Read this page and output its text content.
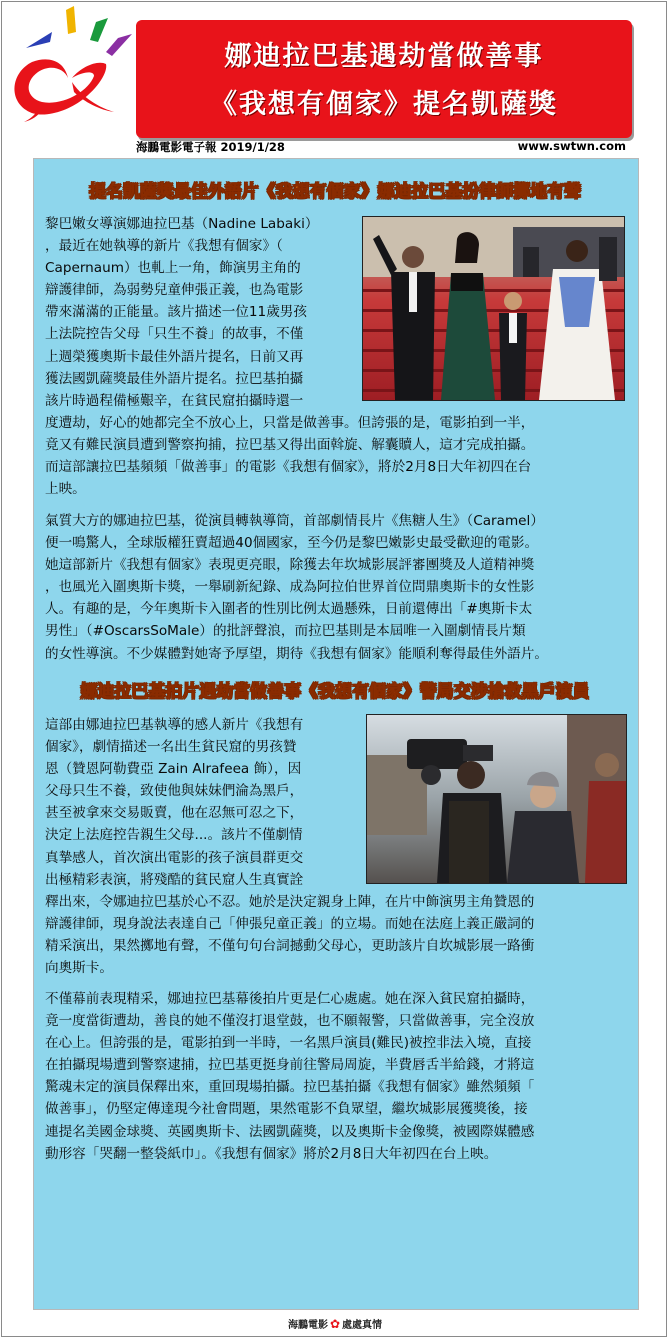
娜迪拉巴基遇劫當做善事
《我想有個家》提名凱薩獎
海鵬電影電子報 2019/1/28	www.swtwn.com
提名凱薩獎最佳外語片《我想有個家》娜迪拉巴基扮律師擲地有聲
黎巴嫩女導演娜迪拉巴基（Nadine Labaki）
，最近在她執導的新片《我想有個家》（
Capernaum）也軋上一角，飾演男主角的
辯護律師，為弱勢兒童伸張正義，也為電影
帶來滿滿的正能量。該片描述一位11歲男孩
上法院控告父母「只生不養」的故事，不僅
上週榮獲奧斯卡最佳外語片提名，日前又再
獲法國凱薩獎最佳外語片提名。拉巴基拍攝
該片時過程備極艱辛，在貧民窟拍攝時還一
度遭劫，好心的她都完全不放心上，只當是做善事。但誇張的是，電影拍到一半，
竟又有難民演員遭到警察拘捕，拉巴基又得出面斡旋、解囊贖人，這才完成拍攝。
而這部讓拉巴基頻頻「做善事」的電影《我想有個家》，將於2月8日大年初四在台
上映。
氣質大方的娜迪拉巴基，從演員轉執導筒，首部劇情長片《焦糖人生》（Caramel）
便一鳴驚人，全球版權狂賣超過40個國家，至今仍是黎巴嫩影史最受歡迎的電影。
她這部新片《我想有個家》表現更亮眼，除獲去年坎城影展評審團獎及人道精神獎
，也風光入圍奧斯卡獎，一舉刷新紀錄、成為阿拉伯世界首位問鼎奧斯卡的女性影
人。有趣的是，今年奧斯卡入圍者的性別比例太過懸殊，日前還傳出「#奧斯卡太
男性」（#OscarsSoMale）的批評聲浪，而拉巴基則是本屆唯一入圍劇情長片類
的女性導演。不少媒體對她寄予厚望，期待《我想有個家》能順利奪得最佳外語片。
娜迪拉巴基拍片遇劫當做善事《我想有個家》警局交涉搶救黑戶演員
這部由娜迪拉巴基執導的感人新片《我想有
個家》，劇情描述一名出生貧民窟的男孩贊
恩（贊恩阿勒費亞 Zain Alrafeea 飾），因
父母只生不養，致使他與妹妹們淪為黑戶，
甚至被拿來交易販賣，他在忍無可忍之下，
決定上法庭控告親生父母...。該片不僅劇情
真摯感人，首次演出電影的孩子演員群更交
出極精彩表演，將殘酷的貧民窟人生真實詮
釋出來，令娜迪拉巴基於心不忍。她於是決定親身上陣，在片中飾演男主角贊恩的
辯護律師，現身說法表達自己「伸張兒童正義」的立場。而她在法庭上義正嚴詞的
精采演出，果然擲地有聲，不僅句句台詞撼動父母心，更助該片自坎城影展一路衝
向奧斯卡。
不僅幕前表現精采，娜迪拉巴基幕後拍片更是仁心處處。她在深入貧民窟拍攝時，
竟一度當街遭劫，善良的她不僅沒打退堂鼓，也不願報警，只當做善事，完全沒放
在心上。但誇張的是，電影拍到一半時，一名黑戶演員(難民)被控非法入境，直接
在拍攝現場遭到警察逮捕，拉巴基更挺身前往警局周旋，半費唇舌半給錢，才將這
驚魂未定的演員保釋出來，重回現場拍攝。拉巴基拍攝《我想有個家》雖然頻頻「
做善事」，仍堅定傳達現今社會問題，果然電影不負眾望，繼坎城影展獲獎後，接
連提名美國金球獎、英國奧斯卡、法國凱薩獎，以及奧斯卡金像獎，被國際媒體感
動形容「哭翻一整袋紙巾」。《我想有個家》將於2月8日大年初四在台上映。
海鵬電影 ✿ 處處真情
